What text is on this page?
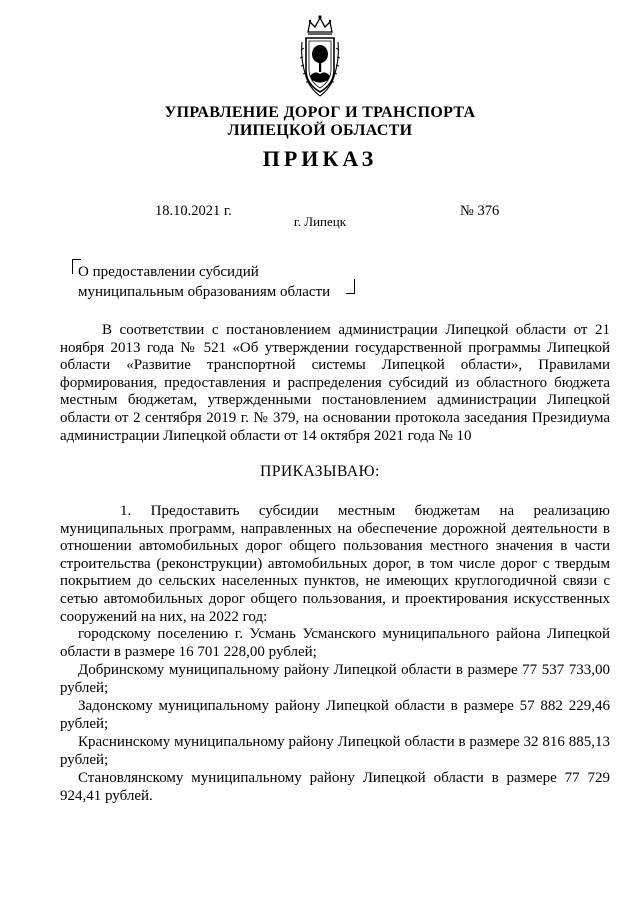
УПРАВЛЕНИЕ ДОРОГ И ТРАНСПОРТА
ЛИПЕЦКОЙ ОБЛАСТИ
ПРИКАЗ
18.10.2021 г.	№ 376
г. Липецк
О предоставлении субсидий
муниципальным образованиям области
В соответствии с постановлением администрации Липецкой области от 21 ноября 2013 года № 521 «Об утверждении государственной программы Липецкой области «Развитие транспортной системы Липецкой области», Правилами формирования, предоставления и распределения субсидий из областного бюджета местным бюджетам, утвержденными постановлением администрации Липецкой области от 2 сентября 2019 г. № 379, на основании протокола заседания Президиума администрации Липецкой области от 14 октября 2021 года № 10
ПРИКАЗЫВАЮ:
1. Предоставить субсидии местным бюджетам на реализацию муниципальных программ, направленных на обеспечение дорожной деятельности в отношении автомобильных дорог общего пользования местного значения в части строительства (реконструкции) автомобильных дорог, в том числе дорог с твердым покрытием до сельских населенных пунктов, не имеющих круглогодичной связи с сетью автомобильных дорог общего пользования, и проектирования искусственных сооружений на них, на 2022 год:
городскому поселению г. Усмань Усманского муниципального района Липецкой области в размере 16 701 228,00 рублей;
Добринскому муниципальному району Липецкой области в размере 77 537 733,00 рублей;
Задонскому муниципальному району Липецкой области в размере 57 882 229,46 рублей;
Краснинскому муниципальному району Липецкой области в размере 32 816 885,13 рублей;
Становлянскому муниципальному району Липецкой области в размере 77 729 924,41 рублей.
